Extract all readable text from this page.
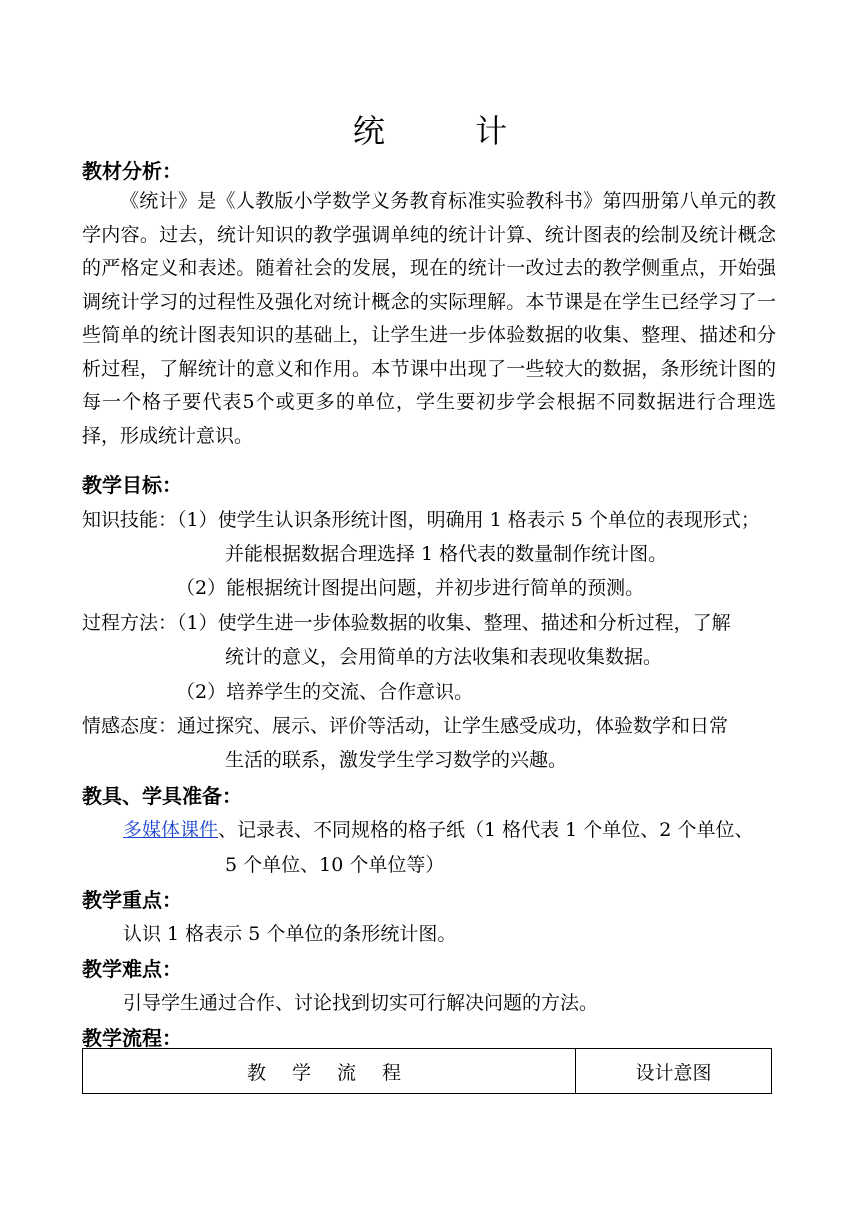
统 计
教材分析：
《统计》是《人教版小学数学义务教育标准实验教科书》第四册第八单元的教学内容。过去，统计知识的教学强调单纯的统计计算、统计图表的绘制及统计概念的严格定义和表述。随着社会的发展，现在的统计一改过去的教学侧重点，开始强调统计学习的过程性及强化对统计概念的实际理解。本节课是在学生已经学习了一些简单的统计图表知识的基础上，让学生进一步体验数据的收集、整理、描述和分析过程，了解统计的意义和作用。本节课中出现了一些较大的数据，条形统计图的每一个格子要代表5个或更多的单位，学生要初步学会根据不同数据进行合理选择，形成统计意识。
教学目标：
知识技能：（1）使学生认识条形统计图，明确用 1 格表示 5 个单位的表现形式；
并能根据数据合理选择 1 格代表的数量制作统计图。
（2）能根据统计图提出问题，并初步进行简单的预测。
过程方法：（1）使学生进一步体验数据的收集、整理、描述和分析过程，了解
统计的意义，会用简单的方法收集和表现收集数据。
（2）培养学生的交流、合作意识。
情感态度：通过探究、展示、评价等活动，让学生感受成功，体验数学和日常
生活的联系，激发学生学习数学的兴趣。
教具、学具准备：
多媒体课件、记录表、不同规格的格子纸（1 格代表 1 个单位、2 个单位、
5 个单位、10 个单位等）
教学重点：
认识 1 格表示 5 个单位的条形统计图。
教学难点：
引导学生通过合作、讨论找到切实可行解决问题的方法。
教学流程：
教 学 流 程	设计意图
